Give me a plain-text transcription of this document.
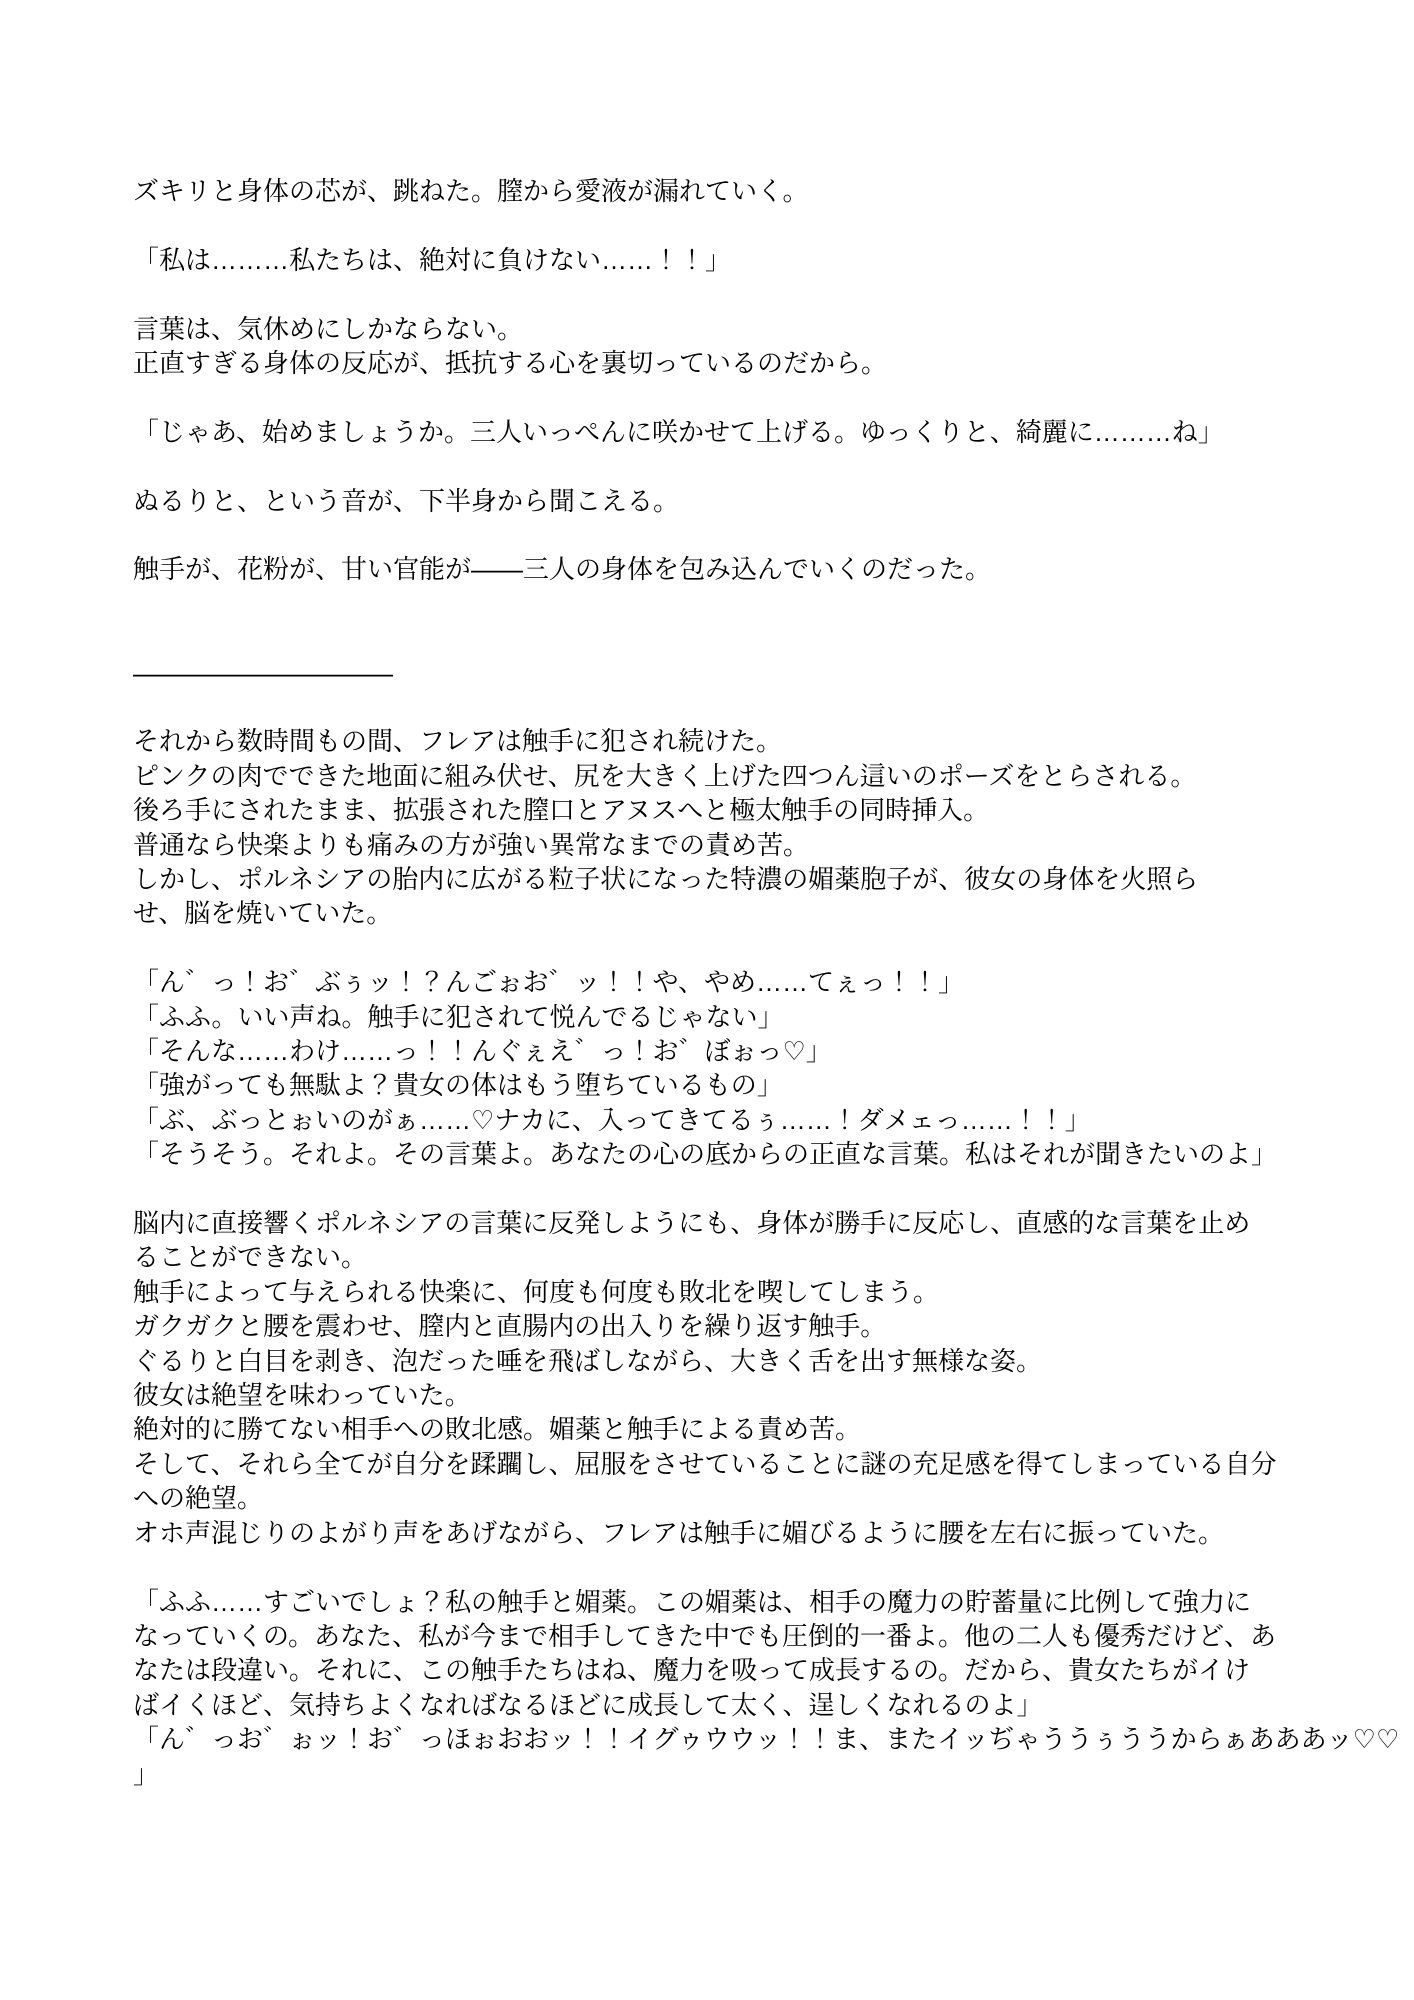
ズキリと身体の芯が、跳ねた。膣から愛液が漏れていく。
「私は………私たちは、絶対に負けない……！！」
言葉は、気休めにしかならない。
正直すぎる身体の反応が、抵抗する心を裏切っているのだから。
「じゃあ、始めましょうか。三人いっぺんに咲かせて上げる。ゆっくりと、綺麗に………ね」
ぬるりと、という音が、下半身から聞こえる。
触手が、花粉が、甘い官能が――三人の身体を包み込んでいくのだった。
――――――――――
それから数時間もの間、フレアは触手に犯され続けた。
ピンクの肉でできた地面に組み伏せ、尻を大きく上げた四つん這いのポーズをとらされる。
後ろ手にされたまま、拡張された膣口とアヌスへと極太触手の同時挿入。
普通なら快楽よりも痛みの方が強い異常なまでの責め苦。
しかし、ポルネシアの胎内に広がる粒子状になった特濃の媚薬胞子が、彼女の身体を火照ら
せ、脳を焼いていた。
「ん゛っ！お゛ぶぅッ！？んごぉお゛ッ！！や、やめ……てぇっ！！」
「ふふ。いい声ね。触手に犯されて悦んでるじゃない」
「そんな……わけ……っ！！んぐぇえ゛っ！お゛ぼぉっ♡」
「強がっても無駄よ？貴女の体はもう堕ちているもの」
「ぶ、ぶっとぉいのがぁ……♡ナカに、入ってきてるぅ……！ダメェっ……！！」
「そうそう。それよ。その言葉よ。あなたの心の底からの正直な言葉。私はそれが聞きたいのよ」
脳内に直接響くポルネシアの言葉に反発しようにも、身体が勝手に反応し、直感的な言葉を止め
ることができない。
触手によって与えられる快楽に、何度も何度も敗北を喫してしまう。
ガクガクと腰を震わせ、膣内と直腸内の出入りを繰り返す触手。
ぐるりと白目を剥き、泡だった唾を飛ばしながら、大きく舌を出す無様な姿。
彼女は絶望を味わっていた。
絶対的に勝てない相手への敗北感。媚薬と触手による責め苦。
そして、それら全てが自分を蹂躙し、屈服をさせていることに謎の充足感を得てしまっている自分
への絶望。
オホ声混じりのよがり声をあげながら、フレアは触手に媚びるように腰を左右に振っていた。
「ふふ……すごいでしょ？私の触手と媚薬。この媚薬は、相手の魔力の貯蓄量に比例して強力に
なっていくの。あなた、私が今まで相手してきた中でも圧倒的一番よ。他の二人も優秀だけど、あ
なたは段違い。それに、この触手たちはね、魔力を吸って成長するの。だから、貴女たちがイけ
ばイくほど、気持ちよくなればなるほどに成長して太く、逞しくなれるのよ」
「ん゛っお゛ぉッ！お゛っほぉおおッ！！イグゥウウッ！！ま、またイッぢゃううぅううからぁあああッ♡♡
」
